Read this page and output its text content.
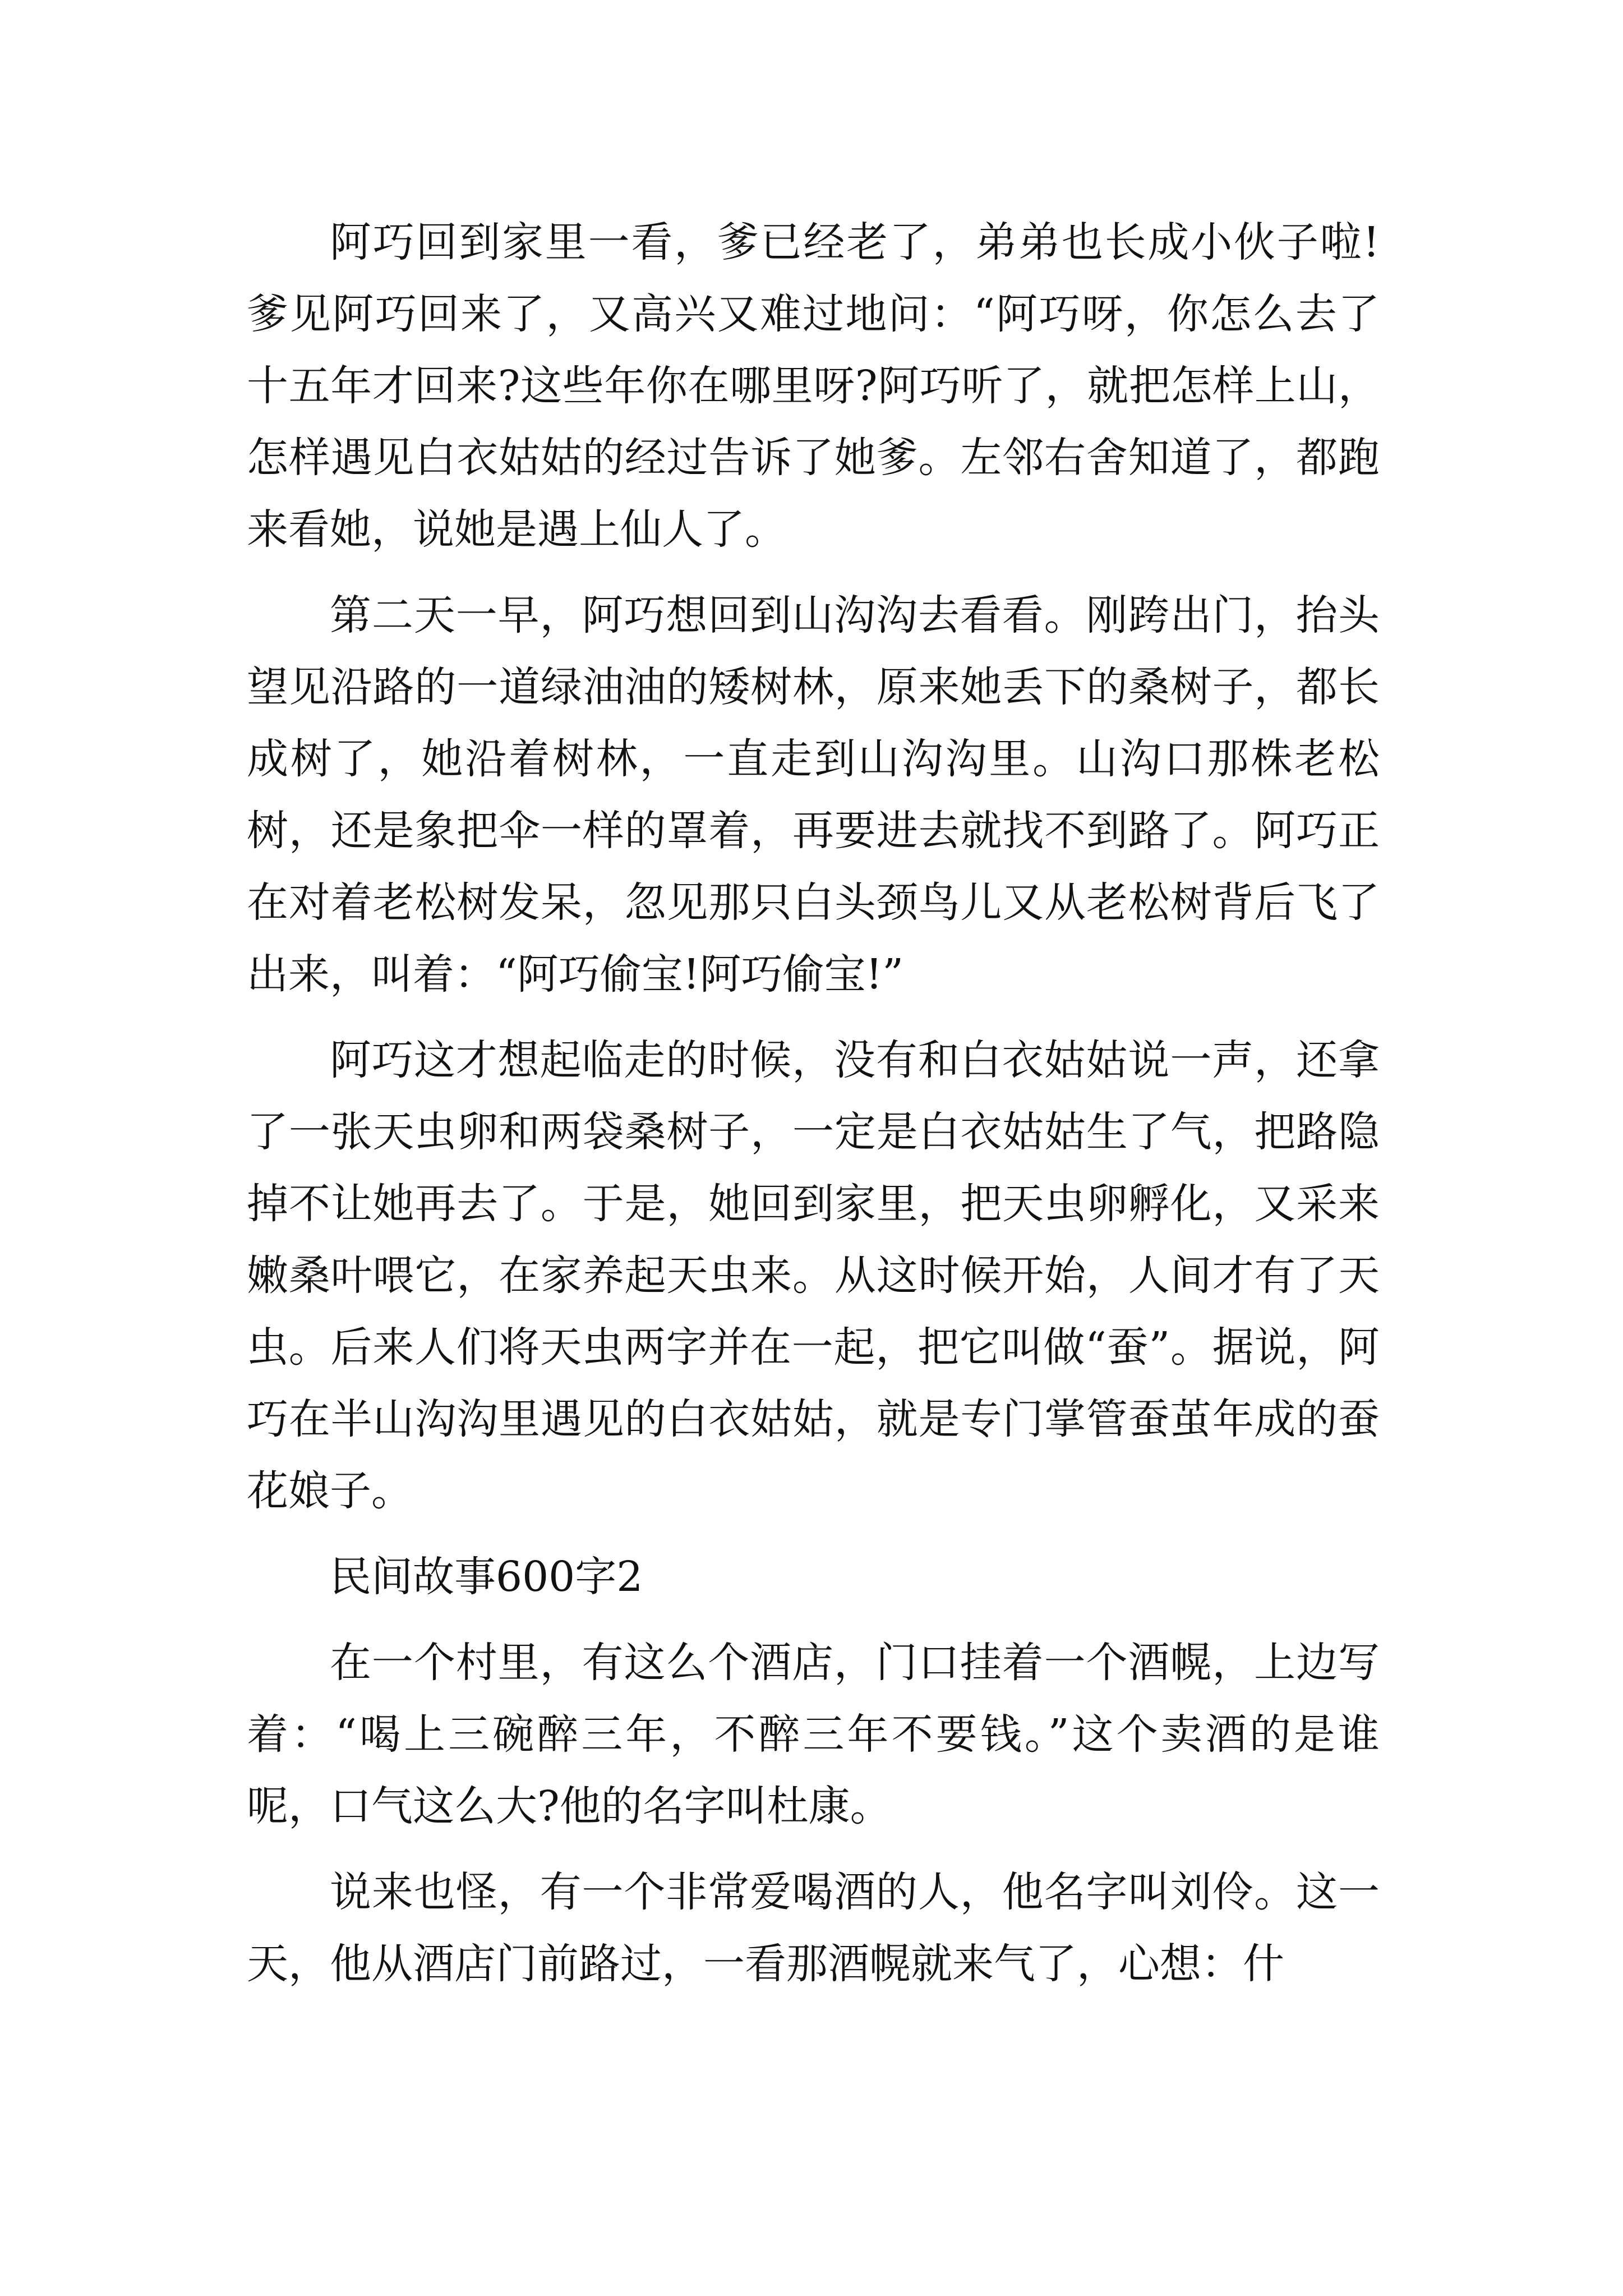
阿巧回到家里一看，爹已经老了，弟弟也长成小伙子啦!爹见阿巧回来了，又高兴又难过地问：“阿巧呀，你怎么去了十五年才回来?这些年你在哪里呀?阿巧听了，就把怎样上山，怎样遇见白衣姑姑的经过告诉了她爹。左邻右舍知道了，都跑来看她，说她是遇上仙人了。

第二天一早，阿巧想回到山沟沟去看看。刚跨出门，抬头望见沿路的一道绿油油的矮树林，原来她丢下的桑树子，都长成树了，她沿着树林，一直走到山沟沟里。山沟口那株老松树，还是象把伞一样的罩着，再要进去就找不到路了。阿巧正在对着老松树发呆，忽见那只白头颈鸟儿又从老松树背后飞了出来，叫着：“阿巧偷宝!阿巧偷宝!”

阿巧这才想起临走的时候，没有和白衣姑姑说一声，还拿了一张天虫卵和两袋桑树子，一定是白衣姑姑生了气，把路隐掉不让她再去了。于是，她回到家里，把天虫卵孵化，又采来嫩桑叶喂它，在家养起天虫来。从这时候开始，人间才有了天虫。后来人们将天虫两字并在一起，把它叫做“蚕”。据说，阿巧在半山沟沟里遇见的白衣姑姑，就是专门掌管蚕茧年成的蚕花娘子。

民间故事600字2

在一个村里，有这么个酒店，门口挂着一个酒幌，上边写着：“喝上三碗醉三年，不醉三年不要钱。”这个卖酒的是谁呢，口气这么大?他的名字叫杜康。

说来也怪，有一个非常爱喝酒的人，他名字叫刘伶。这一天，他从酒店门前路过，一看那酒幌就来气了，心想：什
